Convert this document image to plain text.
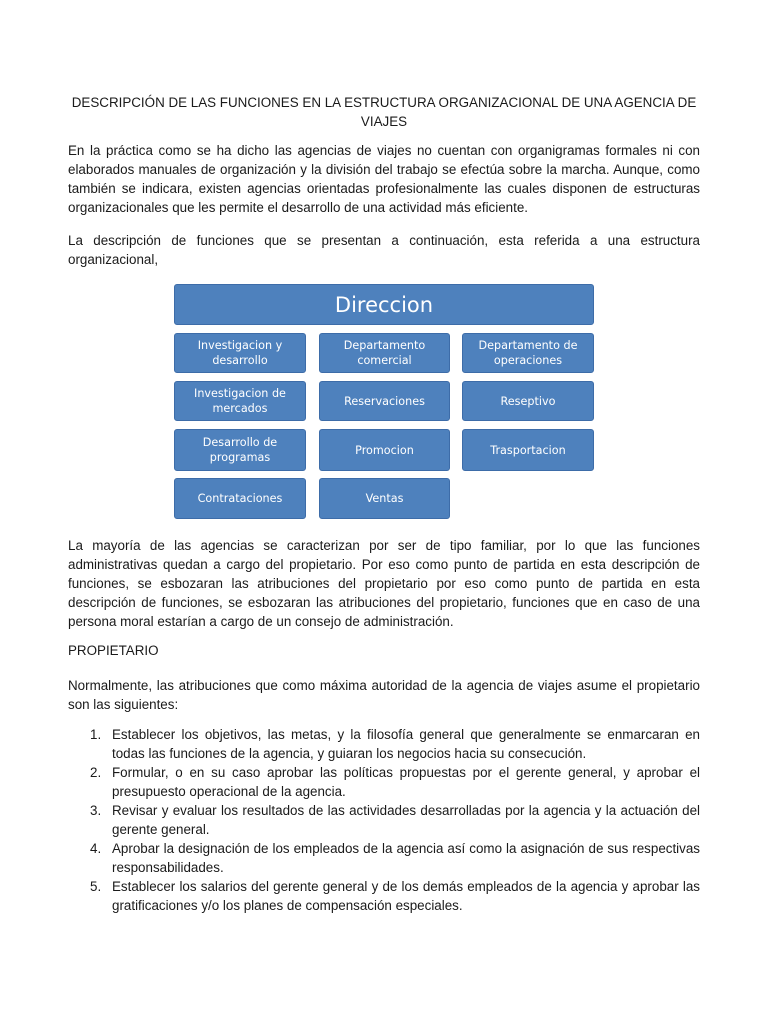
DESCRIPCIÓN DE LAS FUNCIONES EN LA ESTRUCTURA ORGANIZACIONAL DE UNA AGENCIA DE VIAJES

En la práctica como se ha dicho las agencias de viajes no cuentan con organigramas formales ni con elaborados manuales de organización y la división del trabajo se efectúa sobre la marcha. Aunque, como también se indicara, existen agencias orientadas profesionalmente las cuales disponen de estructuras organizacionales que les permite el desarrollo de una actividad más eficiente.

La descripción de funciones que se presentan a continuación, esta referida a una estructura organizacional,

Direccion
Investigacion y desarrollo
Investigacion de mercados
Desarrollo de programas
Contrataciones
Departamento comercial
Reservaciones
Promocion
Ventas
Departamento de operaciones
Reseptivo
Trasportacion

La mayoría de las agencias se caracterizan por ser de tipo familiar, por lo que las funciones administrativas quedan a cargo del propietario. Por eso como punto de partida en esta descripción de funciones, se esbozaran las atribuciones del propietario por eso como punto de partida en esta descripción de funciones, se esbozaran las atribuciones del propietario, funciones que en caso de una persona moral estarían a cargo de un consejo de administración.

PROPIETARIO

Normalmente, las atribuciones que como máxima autoridad de la agencia de viajes asume el propietario son las siguientes:

1. Establecer los objetivos, las metas, y la filosofía general que generalmente se enmarcaran en todas las funciones de la agencia, y guiaran los negocios hacia su consecución.
2. Formular, o en su caso aprobar las políticas propuestas por el gerente general, y aprobar el presupuesto operacional de la agencia.
3. Revisar y evaluar los resultados de las actividades desarrolladas por la agencia y la actuación del gerente general.
4. Aprobar la designación de los empleados de la agencia así como la asignación de sus respectivas responsabilidades.
5. Establecer los salarios del gerente general y de los demás empleados de la agencia y aprobar las gratificaciones y/o los planes de compensación especiales.
